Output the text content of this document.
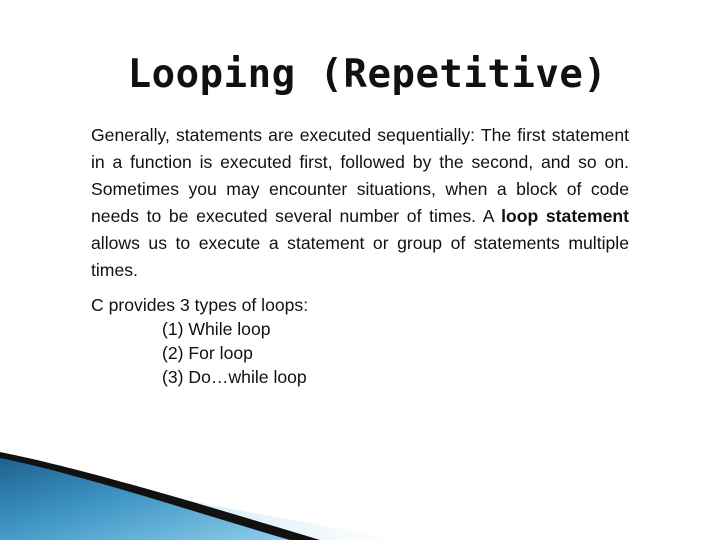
Looping (Repetitive)

Generally, statements are executed sequentially: The first statement in a function is executed first, followed by the second, and so on. Sometimes you may encounter situations, when a block of code needs to be executed several number of times. A loop statement allows us to execute a statement or group of statements multiple times.

C provides 3 types of loops:
(1) While loop
(2) For loop
(3) Do…while loop
